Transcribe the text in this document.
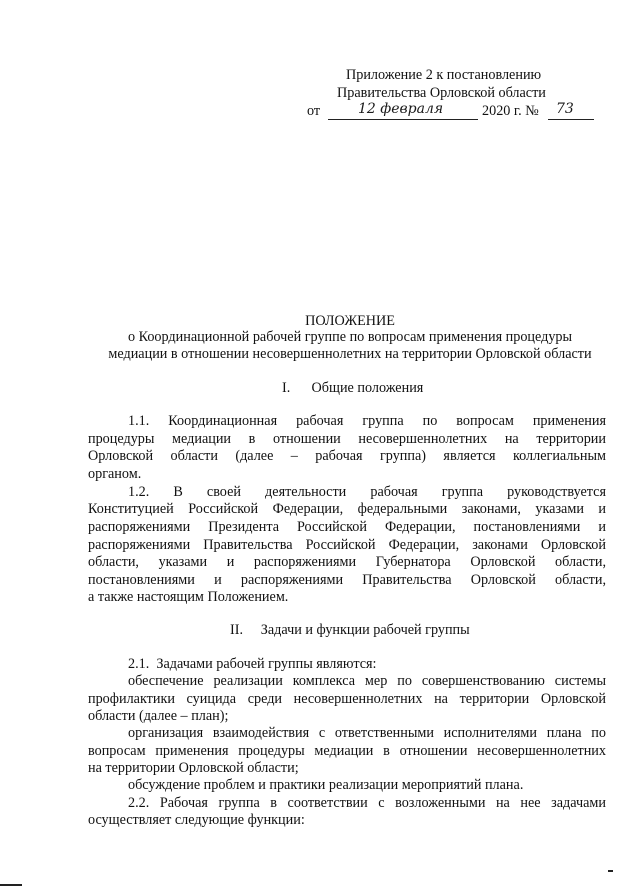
Приложение 2 к постановлению
Правительства Орловской области
от	12 февраля	2020 г. № 73
ПОЛОЖЕНИЕ
о Координационной рабочей группе по вопросам применения процедуры
медиации в отношении несовершеннолетних на территории Орловской области
I.      Общие положения
1.1. Координационная рабочая группа по вопросам применения
процедуры медиации в отношении несовершеннолетних на территории
Орловской области (далее – рабочая группа) является коллегиальным
органом.
1.2. В своей деятельности рабочая группа руководствуется
Конституцией Российской Федерации, федеральными законами, указами и
распоряжениями Президента Российской Федерации, постановлениями и
распоряжениями Правительства Российской Федерации, законами Орловской
области, указами и распоряжениями Губернатора Орловской области,
постановлениями и распоряжениями Правительства Орловской области,
а также настоящим Положением.
II.     Задачи и функции рабочей группы
2.1.  Задачами рабочей группы являются:
обеспечение реализации комплекса мер по совершенствованию системы
профилактики суицида среди несовершеннолетних на территории Орловской
области (далее – план);
организация взаимодействия с ответственными исполнителями плана по
вопросам применения процедуры медиации в отношении несовершеннолетних
на территории Орловской области;
обсуждение проблем и практики реализации мероприятий плана.
2.2. Рабочая группа в соответствии с возложенными на нее задачами
осуществляет следующие функции:
